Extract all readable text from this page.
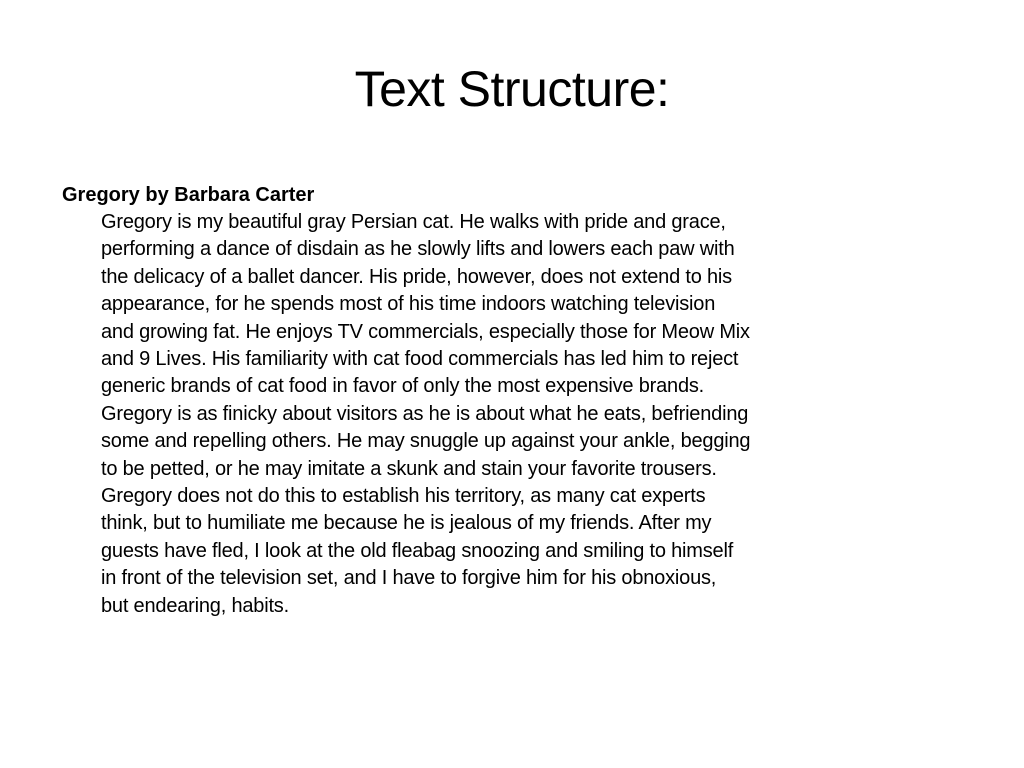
Text Structure:

Gregory by Barbara Carter

Gregory is my beautiful gray Persian cat. He walks with pride and grace,

performing a dance of disdain as he slowly lifts and lowers each paw with

the delicacy of a ballet dancer. His pride, however, does not extend to his

appearance, for he spends most of his time indoors watching television

and growing fat. He enjoys TV commercials, especially those for Meow Mix

and 9 Lives. His familiarity with cat food commercials has led him to reject

generic brands of cat food in favor of only the most expensive brands.

Gregory is as finicky about visitors as he is about what he eats, befriending

some and repelling others. He may snuggle up against your ankle, begging

to be petted, or he may imitate a skunk and stain your favorite trousers.

Gregory does not do this to establish his territory, as many cat experts

think, but to humiliate me because he is jealous of my friends. After my

guests have fled, I look at the old fleabag snoozing and smiling to himself

in front of the television set, and I have to forgive him for his obnoxious,

but endearing, habits.
